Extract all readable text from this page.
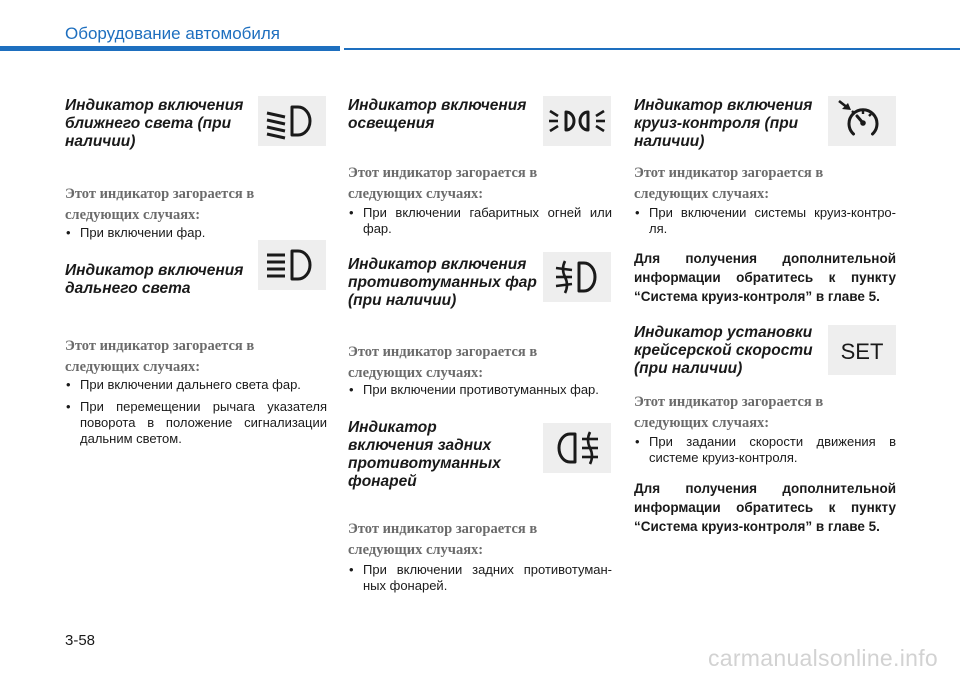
Оборудование автомобиля
Индикатор включения ближнего света (при наличии)
Этот индикатор загорается в следующих случаях:
• При включении фар.
Индикатор включения дальнего света
Этот индикатор загорается в следующих случаях:
• При включении дальнего света фар.
• При перемещении рычага указателя поворота в положение сигнализации дальним светом.
Индикатор включения освещения
Этот индикатор загорается в следующих случаях:
• При включении габаритных огней или фар.
Индикатор включения противотуманных фар (при наличии)
Этот индикатор загорается в следующих случаях:
• При включении противотуманных фар.
Индикатор включения задних противотуманных фонарей
Этот индикатор загорается в следующих случаях:
• При включении задних противотуман-ных фонарей.
Индикатор включения круиз-контроля (при наличии)
Этот индикатор загорается в следующих случаях:
• При включении системы круиз-контро-ля.
Для получения дополнительной информации обратитесь к пункту “Система круиз-контроля” в главе 5.
Индикатор установки крейсерской скорости (при наличии)
SET
Этот индикатор загорается в следующих случаях:
• При задании скорости движения в системе круиз-контроля.
Для получения дополнительной информации обратитесь к пункту “Система круиз-контроля” в главе 5.
3-58
carmanualsonline.info
